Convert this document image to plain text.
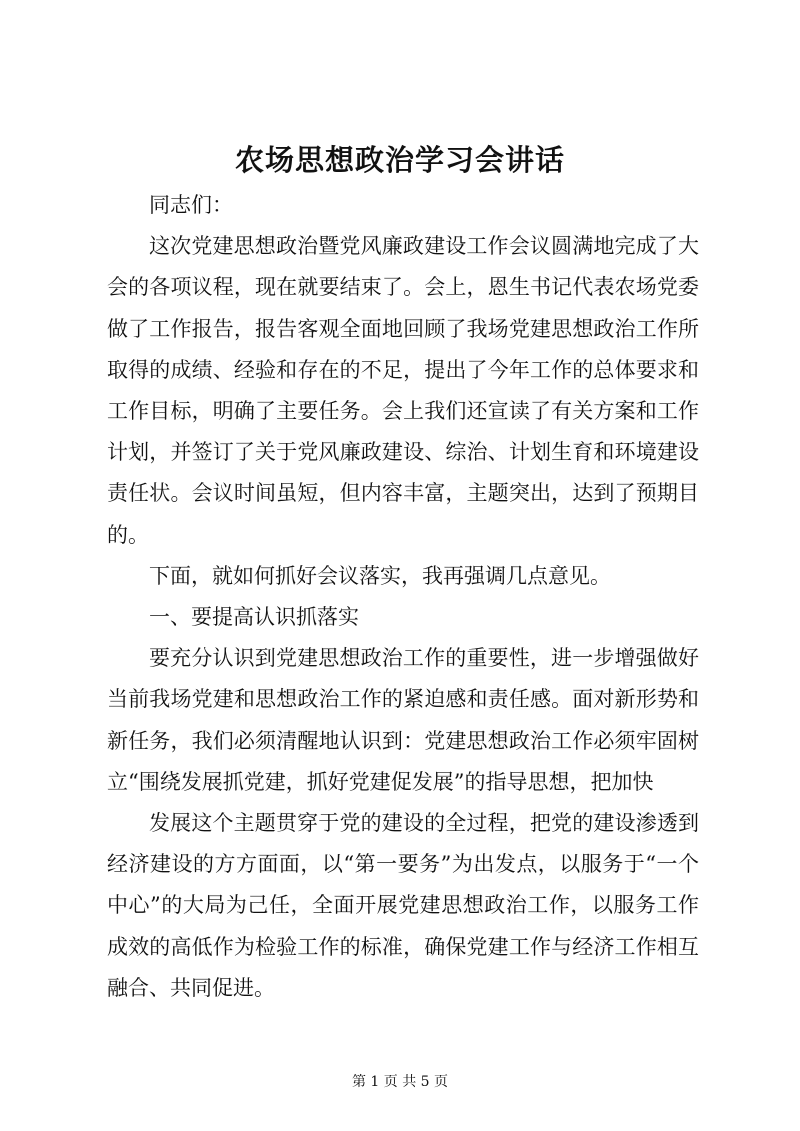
农场思想政治学习会讲话

同志们：

这次党建思想政治暨党风廉政建设工作会议圆满地完成了大会的各项议程，现在就要结束了。会上，恩生书记代表农场党委做了工作报告，报告客观全面地回顾了我场党建思想政治工作所取得的成绩、经验和存在的不足，提出了今年工作的总体要求和工作目标，明确了主要任务。会上我们还宣读了有关方案和工作计划，并签订了关于党风廉政建设、综治、计划生育和环境建设责任状。会议时间虽短，但内容丰富，主题突出，达到了预期目的。

下面，就如何抓好会议落实，我再强调几点意见。

一、要提高认识抓落实

要充分认识到党建思想政治工作的重要性，进一步增强做好当前我场党建和思想政治工作的紧迫感和责任感。面对新形势和新任务，我们必须清醒地认识到：党建思想政治工作必须牢固树立“围绕发展抓党建，抓好党建促发展”的指导思想，把加快

发展这个主题贯穿于党的建设的全过程，把党的建设渗透到经济建设的方方面面，以“第一要务”为出发点，以服务于“一个中心”的大局为己任，全面开展党建思想政治工作，以服务工作成效的高低作为检验工作的标准，确保党建工作与经济工作相互融合、共同促进。

第 1 页 共 5 页
